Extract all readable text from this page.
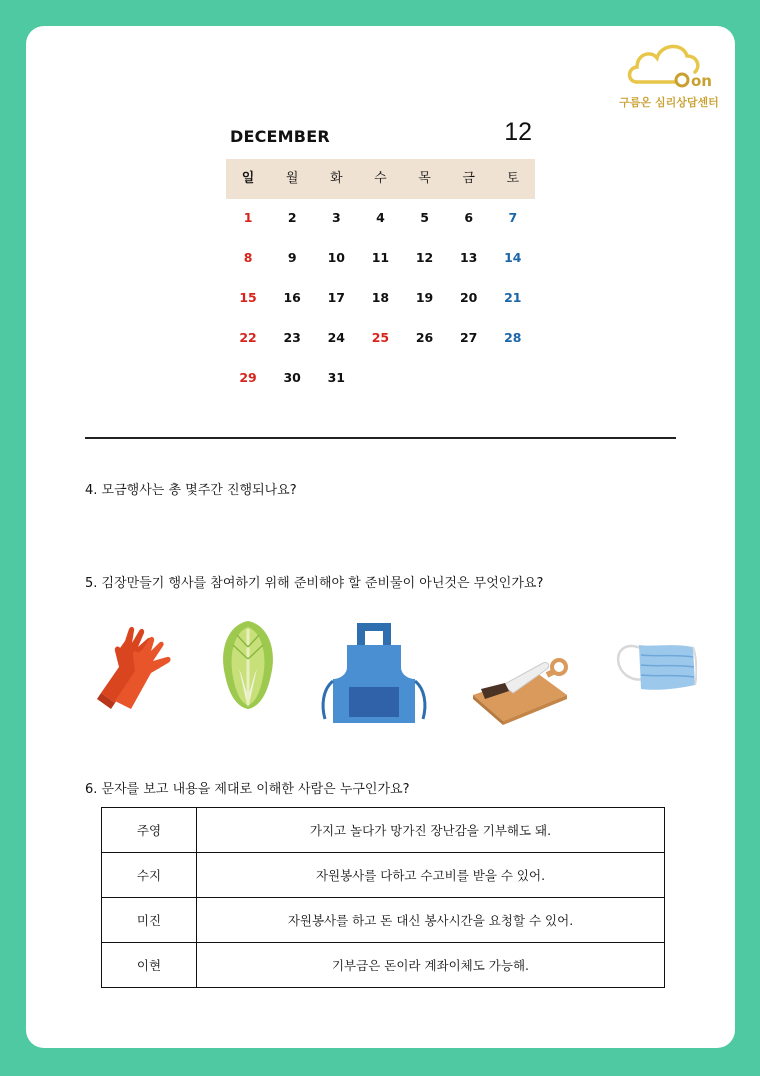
on
구름온 심리상담센터
DECEMBER	12
일	월	화	수	목	금	토
1	2	3	4	5	6	7
8	9	10	11	12	13	14
15	16	17	18	19	20	21
22	23	24	25	26	27	28
29	30	31
4. 모금행사는 총 몇주간 진행되나요?
5. 김장만들기 행사를 참여하기 위해 준비해야 할 준비물이 아닌것은 무엇인가요?
6. 문자를 보고 내용을 제대로 이해한 사람은 누구인가요?
주영	가지고 놀다가 망가진 장난감을 기부해도 돼.
수지	자원봉사를 다하고 수고비를 받을 수 있어.
미진	자원봉사를 하고 돈 대신 봉사시간을 요청할 수 있어.
이현	기부금은 돈이라 계좌이체도 가능해.
